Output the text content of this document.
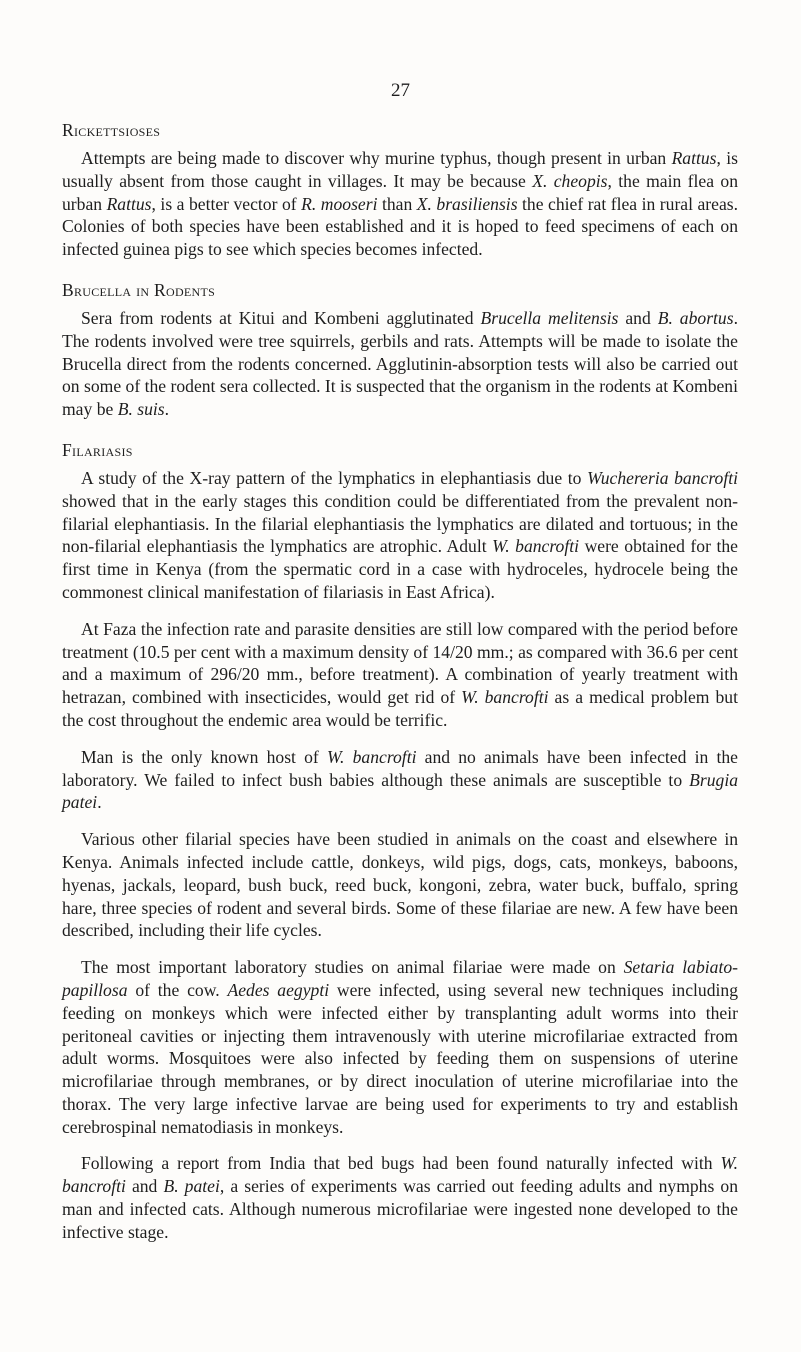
27
Rickettsioses

Attempts are being made to discover why murine typhus, though present in urban Rattus, is usually absent from those caught in villages. It may be because X. cheopis, the main flea on urban Rattus, is a better vector of R. mooseri than X. brasiliensis the chief rat flea in rural areas. Colonies of both species have been established and it is hoped to feed specimens of each on infected guinea pigs to see which species becomes infected.

Brucella in Rodents

Sera from rodents at Kitui and Kombeni agglutinated Brucella melitensis and B. abortus. The rodents involved were tree squirrels, gerbils and rats. Attempts will be made to isolate the Brucella direct from the rodents concerned. Agglutinin-absorption tests will also be carried out on some of the rodent sera collected. It is suspected that the organism in the rodents at Kombeni may be B. suis.

Filariasis

A study of the X-ray pattern of the lymphatics in elephantiasis due to Wuchereria bancrofti showed that in the early stages this condition could be differentiated from the prevalent non-filarial elephantiasis. In the filarial elephantiasis the lymphatics are dilated and tortuous; in the non-filarial elephantiasis the lymphatics are atrophic. Adult W. bancrofti were obtained for the first time in Kenya (from the spermatic cord in a case with hydroceles, hydrocele being the commonest clinical manifestation of filariasis in East Africa).

At Faza the infection rate and parasite densities are still low compared with the period before treatment (10.5 per cent with a maximum density of 14/20 mm.; as compared with 36.6 per cent and a maximum of 296/20 mm., before treatment). A combination of yearly treatment with hetrazan, combined with insecticides, would get rid of W. bancrofti as a medical problem but the cost throughout the endemic area would be terrific.

Man is the only known host of W. bancrofti and no animals have been infected in the laboratory. We failed to infect bush babies although these animals are susceptible to Brugia patei.

Various other filarial species have been studied in animals on the coast and elsewhere in Kenya. Animals infected include cattle, donkeys, wild pigs, dogs, cats, monkeys, baboons, hyenas, jackals, leopard, bush buck, reed buck, kongoni, zebra, water buck, buffalo, spring hare, three species of rodent and several birds. Some of these filariae are new. A few have been described, including their life cycles.

The most important laboratory studies on animal filariae were made on Setaria labiato-papillosa of the cow. Aedes aegypti were infected, using several new techniques including feeding on monkeys which were infected either by transplanting adult worms into their peritoneal cavities or injecting them intravenously with uterine microfilariae extracted from adult worms. Mosquitoes were also infected by feeding them on suspensions of uterine microfilariae through membranes, or by direct inoculation of uterine microfilariae into the thorax. The very large infective larvae are being used for experiments to try and establish cerebrospinal nematodiasis in monkeys.

Following a report from India that bed bugs had been found naturally infected with W. bancrofti and B. patei, a series of experiments was carried out feeding adults and nymphs on man and infected cats. Although numerous microfilariae were ingested none developed to the infective stage.
